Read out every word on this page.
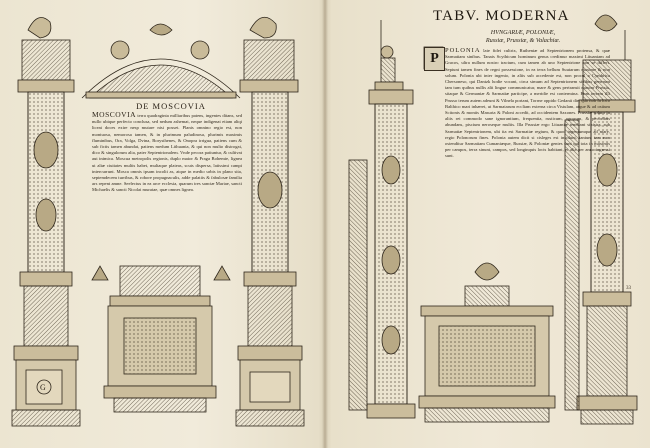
G
DE MOSCOVIA
MOSCOVIA terra quadraginta milliaribus patens, ingentes ditans, sed nullo ubique perfecto conclusa, sed nedum ashemat, neque indigenat etiam aliqi liceat doces exire nesp mutare nisi posset. Planis omnino regio est, non montuosa, nemorosa tamen, & in plurimum paludinosa, plurimis maximis fluminibus, Ora, Volga, Dvina, Borysthenes, & Onopra irrigua, patiens cum & sub fictis tamen abundat, patiens medum Lithuania, & qui non multo distrogat, dico & singulorum alia, pater Septentrionalem. Vnde pecora patiuntur, & cultivat aut inimica. Moscua metropolis regionis, duplo maior & Praga Bohemie, lignea ut aliæ ciuitates multis habet, multaque plateas, scuts dispersa, latissimi campi intercurrunt. Mosca omnis ipsam incolit as, atque in medio urbis in plano sita, septemdecem turribus, & robore propugnaculis, adde palatiis & fabulosæ familia ars repent amne. Seelectus in ea arce ecclesia, quarum tres sanctæ Mariae, sancti Michaelis & sancti Nicolai muratae, quæ omnes lignea.
TABV. MODERNA
HVNGARIÆ, POLONIÆ,
Russiæ, Prussiæ, & Valachiæ.
P
POLONIA late fidei cultrix, Rutheniæ ad Septentrionem protensa, & quæ Sarmatiam sinibus. Tanais Scythicum hominum genus credimur maximi Lituaniam ad Gracos, ultra nullum nostro tractum, cum tamen ab uno Septentrione non se differt. Sepiunt tamen fines de regni possessione, in ea terra bellum Suutarum maxime & non solum. Polonia ubi inter ingenio, in aliis sub accedente est, non procul a Cymbrica Chersoneso, qui Dantzk hodie vocant, circa simum ad Septentrionem sinibus generum tam tum quibus nullis alii lingue communicatur, mare & gens pertransit maxim Prussia, sitaque & Germaniæ & Sarmatiæ participe, a meridie est contermina. Eum terram illi Prusso terum autem adeunt & Vilnela portant, Torrne oppido Gedanii die, quo non in loco Balthico mari inhæret, ut Sarmatarum eccliam externa circa Vistulam, atque & ad ostium Scitonis & montis Masuria & Paloni accedit, ad occidentem Saxones. Prussiæ solum in aliis rei commodo sane ignorantium, frequentia, rusticum, agrorum, & pecoribus abundans, piscium neroseque multis. Illa Prussiæ ergo Lituaniæ tenebant sinistra, sub Sarmatiæ Septentrionem, ubi ita est Sarmatiæ regium, & quod ingeniumque ad mare, regio Polonorum fines. Polonia autem dicit si cisleges est incolunt, tantum tam non ostenditur Sarmatiam Cumaniæque, Russiæ, & Poloniæ gentes sunt qui tota in maximis per campos, terra sinunt, campos, sed longinquis locis habitant, et alia per anno ingressi sunt.
33
